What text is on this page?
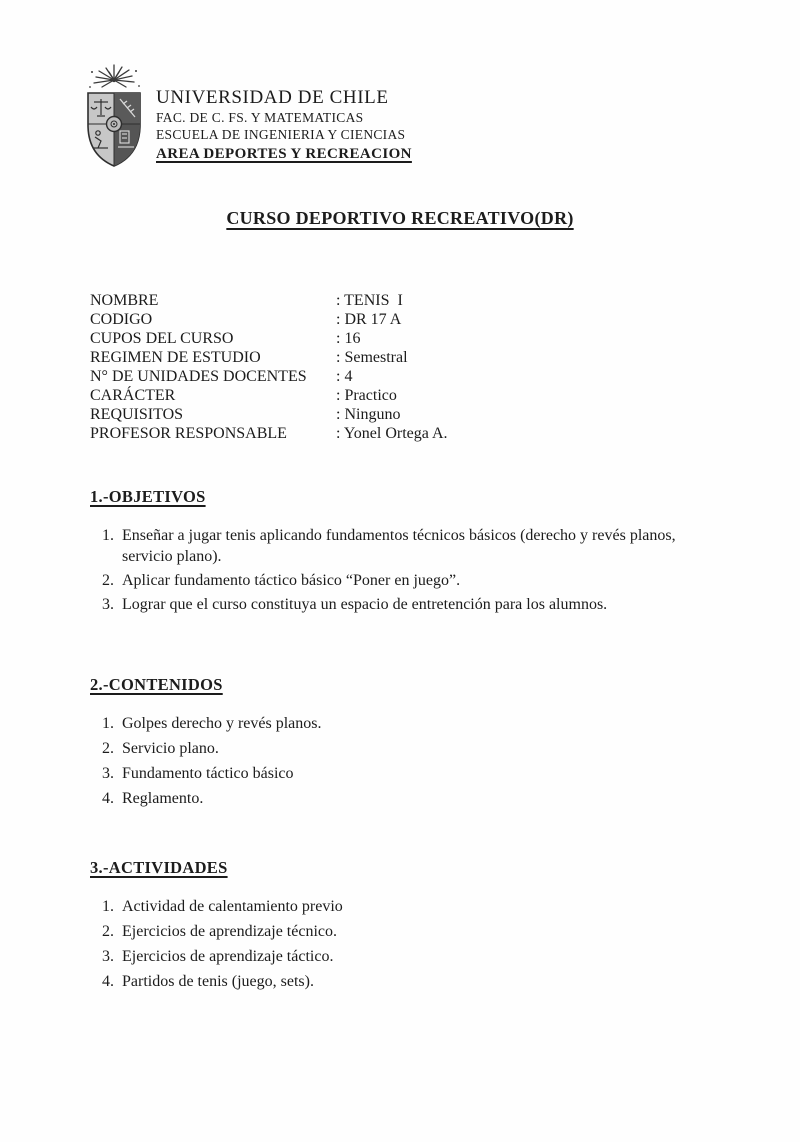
UNIVERSIDAD DE CHILE
FAC. DE C. FS. Y MATEMATICAS
ESCUELA DE INGENIERIA Y CIENCIAS
AREA DEPORTES Y RECREACION
CURSO DEPORTIVO RECREATIVO(DR)
NOMBRE	: TENIS  I
CODIGO	: DR 17 A
CUPOS DEL CURSO	: 16
REGIMEN DE ESTUDIO	: Semestral
N° DE UNIDADES DOCENTES	: 4
CARÁCTER	: Practico
REQUISITOS	: Ninguno
PROFESOR RESPONSABLE	: Yonel Ortega A.
1.-OBJETIVOS
1. Enseñar a jugar tenis aplicando fundamentos técnicos básicos (derecho y revés planos, servicio plano).
2. Aplicar fundamento táctico básico “Poner en juego”.
3. Lograr que el curso constituya un espacio de entretención para los alumnos.
2.-CONTENIDOS
1. Golpes derecho y revés planos.
2. Servicio plano.
3. Fundamento táctico básico
4. Reglamento.
3.-ACTIVIDADES
1. Actividad de calentamiento previo
2. Ejercicios de aprendizaje técnico.
3. Ejercicios de aprendizaje táctico.
4. Partidos de tenis (juego, sets).
